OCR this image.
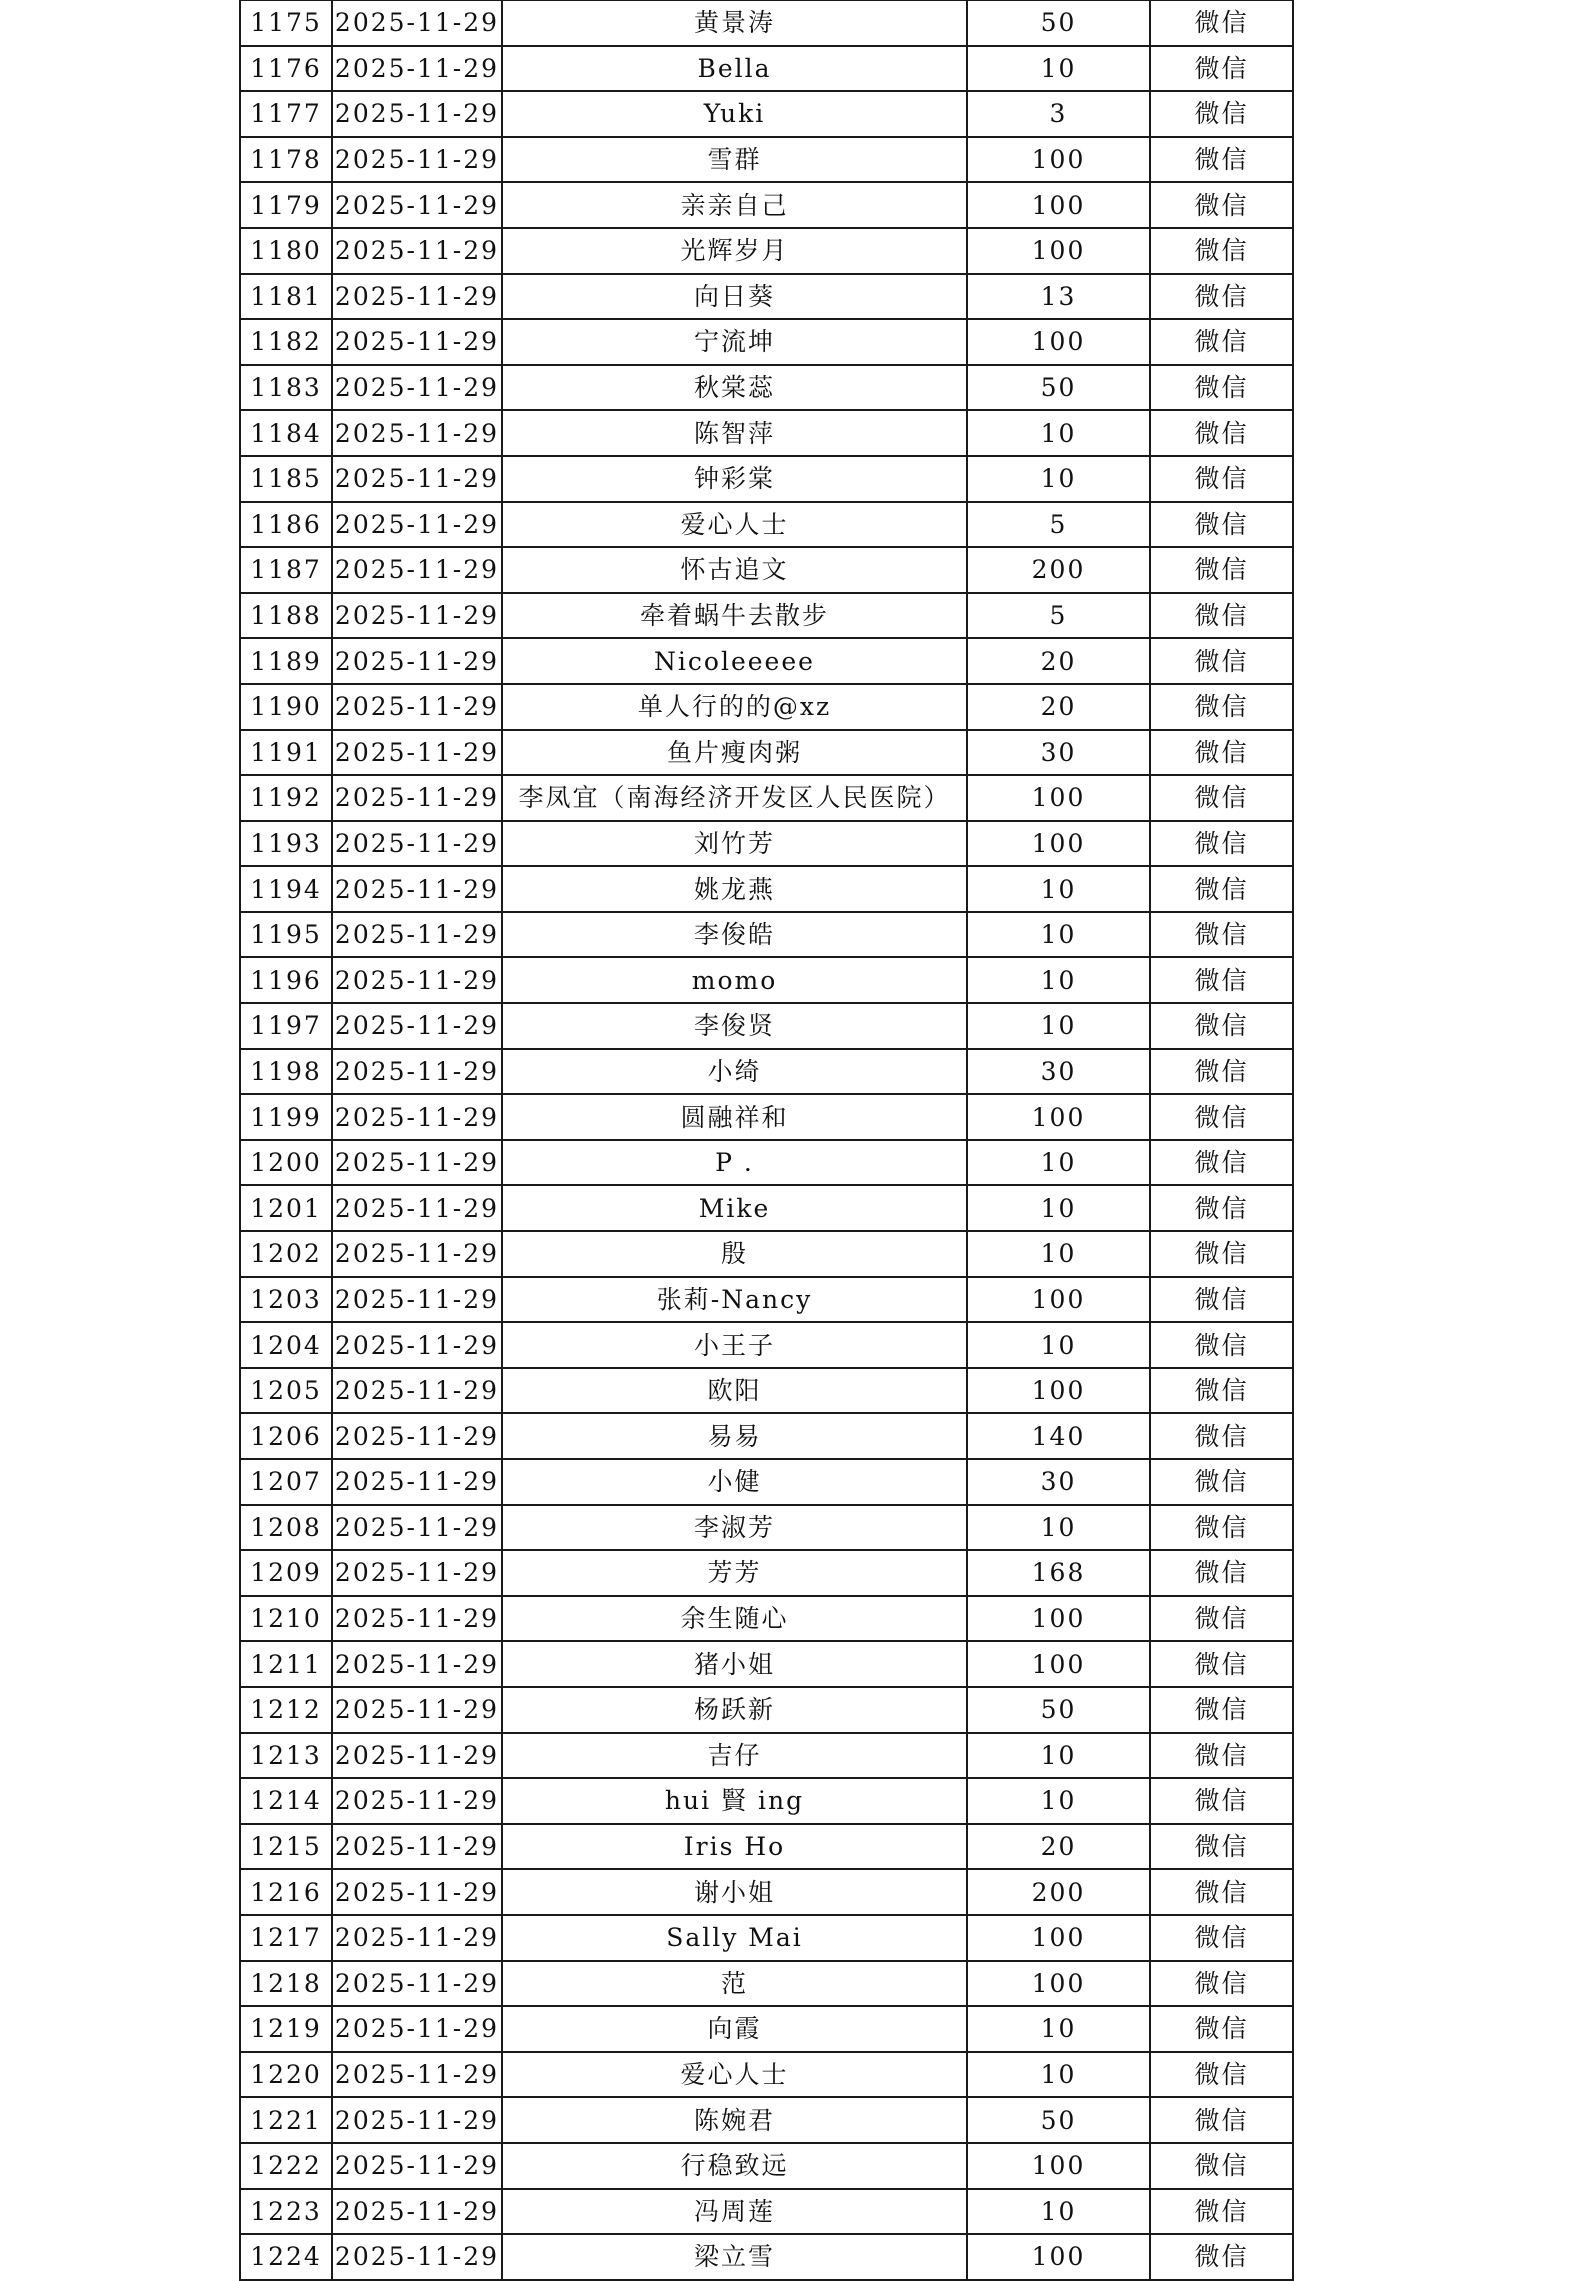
1175	2025-11-29	黄景涛	50	微信
1176	2025-11-29	Bella	10	微信
1177	2025-11-29	Yuki	3	微信
1178	2025-11-29	雪群	100	微信
1179	2025-11-29	亲亲自己	100	微信
1180	2025-11-29	光辉岁月	100	微信
1181	2025-11-29	向日葵	13	微信
1182	2025-11-29	宁流坤	100	微信
1183	2025-11-29	秋棠蕊	50	微信
1184	2025-11-29	陈智萍	10	微信
1185	2025-11-29	钟彩棠	10	微信
1186	2025-11-29	爱心人士	5	微信
1187	2025-11-29	怀古追文	200	微信
1188	2025-11-29	牵着蜗牛去散步	5	微信
1189	2025-11-29	Nicoleeeee	20	微信
1190	2025-11-29	单人行的的@xz	20	微信
1191	2025-11-29	鱼片瘦肉粥	30	微信
1192	2025-11-29	李凤宜（南海经济开发区人民医院）	100	微信
1193	2025-11-29	刘竹芳	100	微信
1194	2025-11-29	姚龙燕	10	微信
1195	2025-11-29	李俊皓	10	微信
1196	2025-11-29	momo	10	微信
1197	2025-11-29	李俊贤	10	微信
1198	2025-11-29	小绮	30	微信
1199	2025-11-29	圆融祥和	100	微信
1200	2025-11-29	P .	10	微信
1201	2025-11-29	Mike	10	微信
1202	2025-11-29	殷	10	微信
1203	2025-11-29	张莉-Nancy	100	微信
1204	2025-11-29	小王子	10	微信
1205	2025-11-29	欧阳	100	微信
1206	2025-11-29	易易	140	微信
1207	2025-11-29	小健	30	微信
1208	2025-11-29	李淑芳	10	微信
1209	2025-11-29	芳芳	168	微信
1210	2025-11-29	余生随心	100	微信
1211	2025-11-29	猪小姐	100	微信
1212	2025-11-29	杨跃新	50	微信
1213	2025-11-29	吉仔	10	微信
1214	2025-11-29	hui 賢 ing	10	微信
1215	2025-11-29	Iris Ho	20	微信
1216	2025-11-29	谢小姐	200	微信
1217	2025-11-29	Sally Mai	100	微信
1218	2025-11-29	范	100	微信
1219	2025-11-29	向霞	10	微信
1220	2025-11-29	爱心人士	10	微信
1221	2025-11-29	陈婉君	50	微信
1222	2025-11-29	行稳致远	100	微信
1223	2025-11-29	冯周莲	10	微信
1224	2025-11-29	梁立雪	100	微信
